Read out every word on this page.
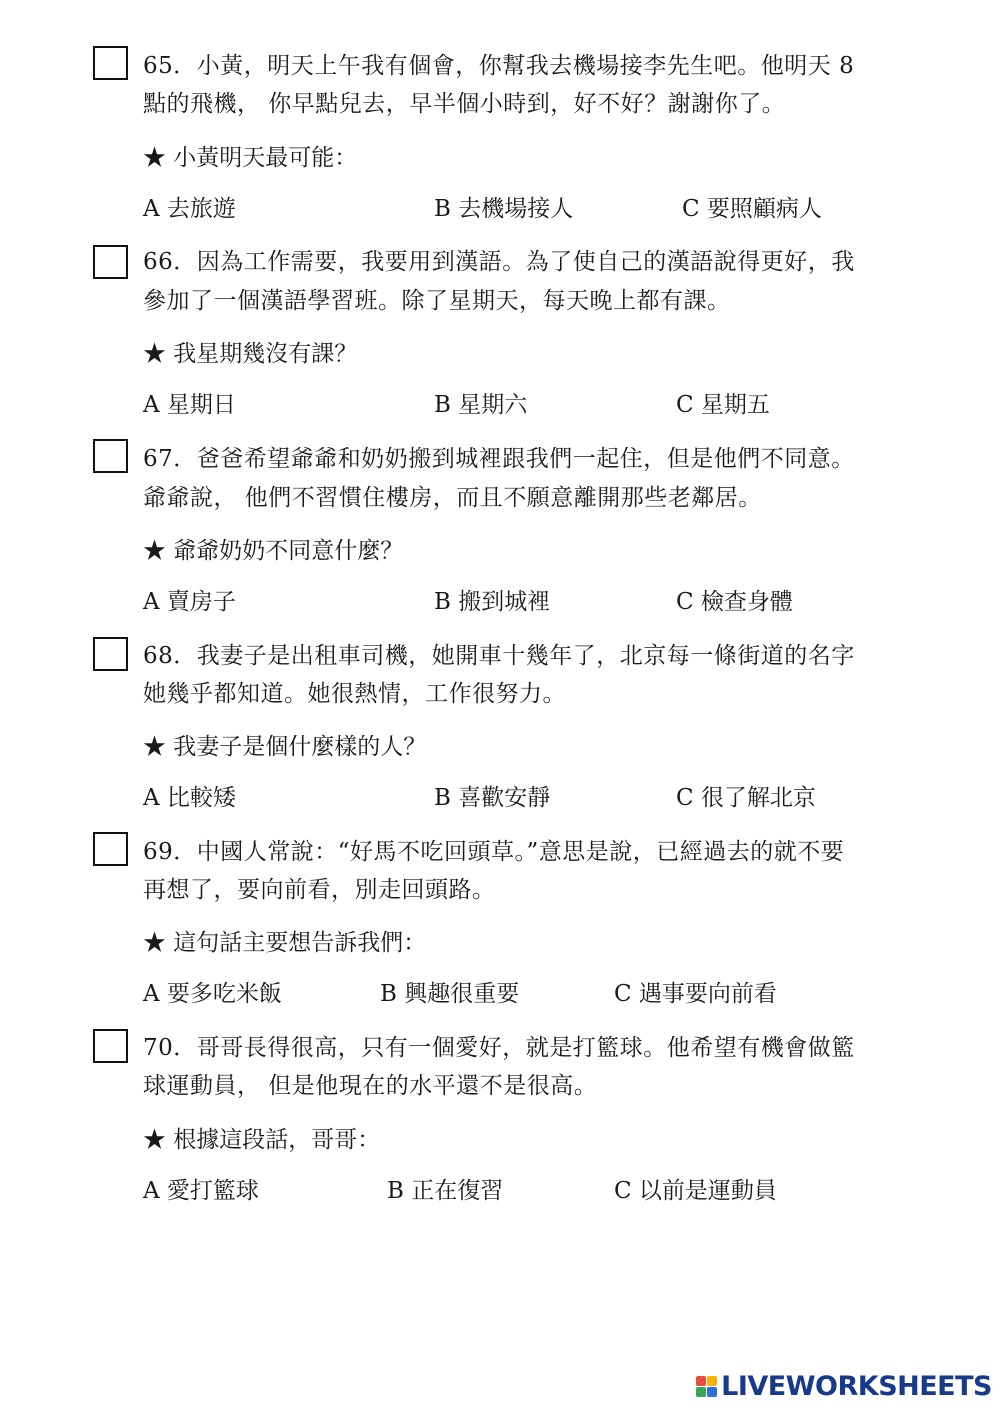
65．小黃，明天上午我有個會，你幫我去機場接李先生吧。他明天 8
點的飛機， 你早點兒去，早半個小時到，好不好？謝謝你了。
★ 小黃明天最可能：
A 去旅遊	B 去機場接人	C 要照顧病人
66．因為工作需要，我要用到漢語。為了使自己的漢語說得更好，我
參加了一個漢語學習班。除了星期天，每天晚上都有課。
★ 我星期幾沒有課？
A 星期日	B 星期六	C 星期五
67．爸爸希望爺爺和奶奶搬到城裡跟我們一起住，但是他們不同意。
爺爺說， 他們不習慣住樓房，而且不願意離開那些老鄰居。
★ 爺爺奶奶不同意什麼？
A 賣房子	B 搬到城裡	C 檢查身體
68．我妻子是出租車司機，她開車十幾年了，北京每一條街道的名字
她幾乎都知道。她很熱情，工作很努力。
★ 我妻子是個什麼樣的人？
A 比較矮	B 喜歡安靜	C 很了解北京
69．中國人常說：“好馬不吃回頭草。”意思是說，已經過去的就不要
再想了，要向前看，別走回頭路。
★ 這句話主要想告訴我們：
A 要多吃米飯	B 興趣很重要	C 遇事要向前看
70．哥哥長得很高，只有一個愛好，就是打籃球。他希望有機會做籃
球運動員， 但是他現在的水平還不是很高。
★ 根據這段話，哥哥：
A 愛打籃球	B 正在復習	C 以前是運動員
LIVEWORKSHEETS
